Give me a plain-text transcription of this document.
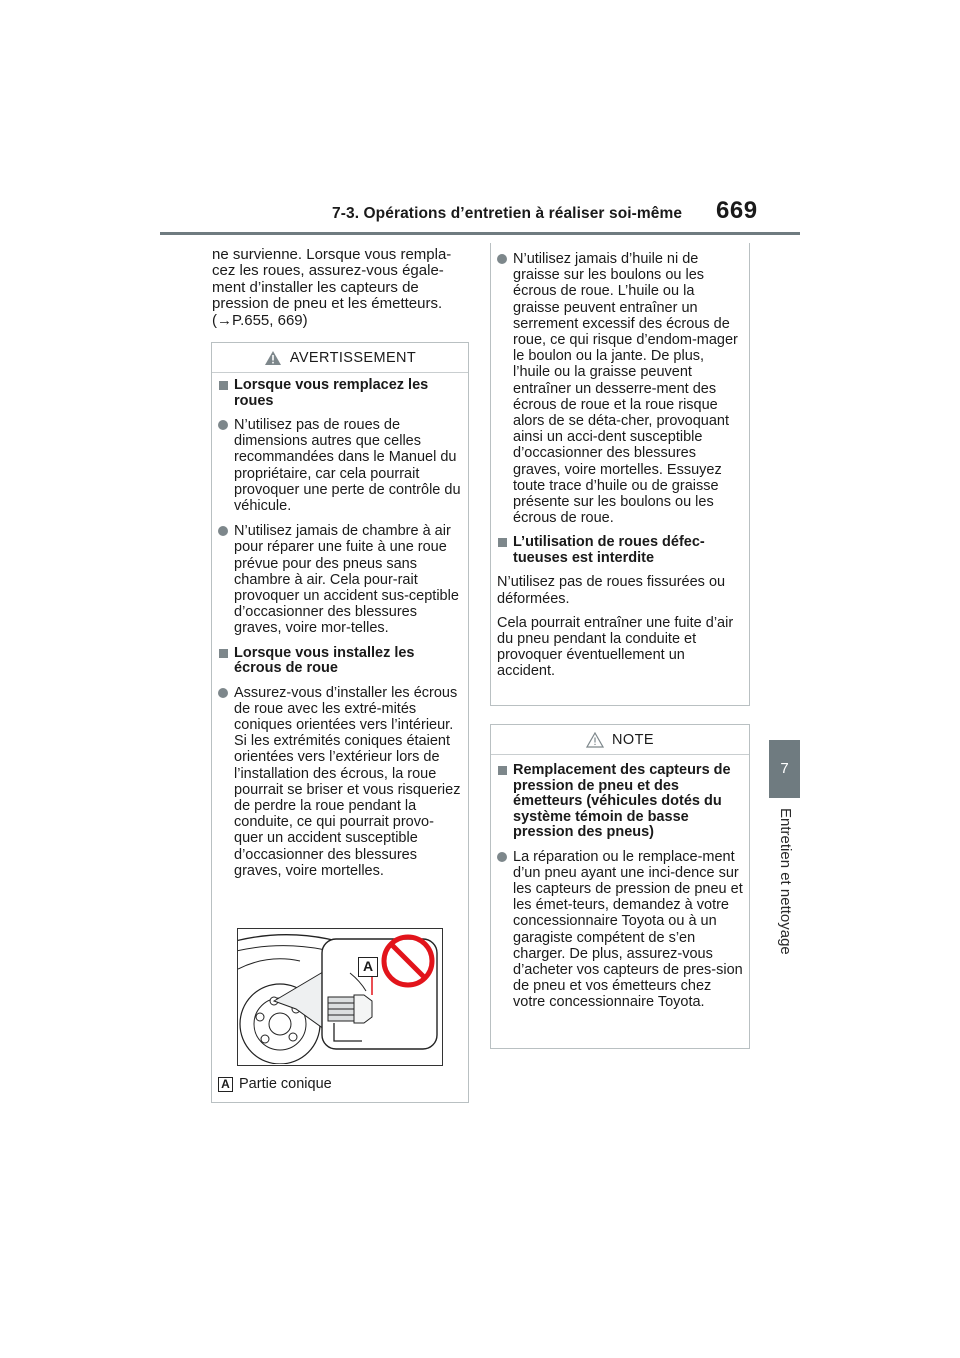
7-3. Opérations d’entretien à réaliser soi-même	669
7
Entretien et nettoyage
ne survienne. Lorsque vous rempla-
cez les roues, assurez-vous égale-
ment d’installer les capteurs de
pression de pneu et les émetteurs.
(→P.655, 669)
AVERTISSEMENT
Lorsque vous remplacez les roues
N’utilisez pas de roues de dimensions autres que celles recommandées dans le Manuel du propriétaire, car cela pourrait provoquer une perte de contrôle du véhicule.
N’utilisez jamais de chambre à air pour réparer une fuite à une roue prévue pour des pneus sans chambre à air. Cela pour-rait provoquer un accident sus-ceptible d’occasionner des blessures graves, voire mor-telles.
Lorsque vous installez les écrous de roue
Assurez-vous d’installer les écrous de roue avec les extré-mités coniques orientées vers l’intérieur. Si les extrémités coniques étaient orientées vers l’extérieur lors de l’installation des écrous, la roue pourrait se briser et vous risqueriez de perdre la roue pendant la conduite, ce qui pourrait provo-quer un accident susceptible d’occasionner des blessures graves, voire mortelles.
A
A Partie conique
N’utilisez jamais d’huile ni de graisse sur les boulons ou les écrous de roue. L’huile ou la graisse peuvent entraîner un serrement excessif des écrous de roue, ce qui risque d’endom-mager le boulon ou la jante. De plus, l’huile ou la graisse peuvent entraîner un desserre-ment des écrous de roue et la roue risque alors de se déta-cher, provoquant ainsi un acci-dent susceptible d’occasionner des blessures graves, voire mortelles. Essuyez toute trace d’huile ou de graisse présente sur les boulons ou les écrous de roue.
L’utilisation de roues défec-tueuses est interdite
N’utilisez pas de roues fissurées ou déformées.
Cela pourrait entraîner une fuite d’air du pneu pendant la conduite et provoquer éventuellement un accident.
NOTE
Remplacement des capteurs de pression de pneu et des émetteurs (véhicules dotés du système témoin de basse pression des pneus)
La réparation ou le remplace-ment d’un pneu ayant une inci-dence sur les capteurs de pression de pneu et les émet-teurs, demandez à votre concessionnaire Toyota ou à un garagiste compétent de s’en charger. De plus, assurez-vous d’acheter vos capteurs de pres-sion de pneu et vos émetteurs chez votre concessionnaire Toyota.
